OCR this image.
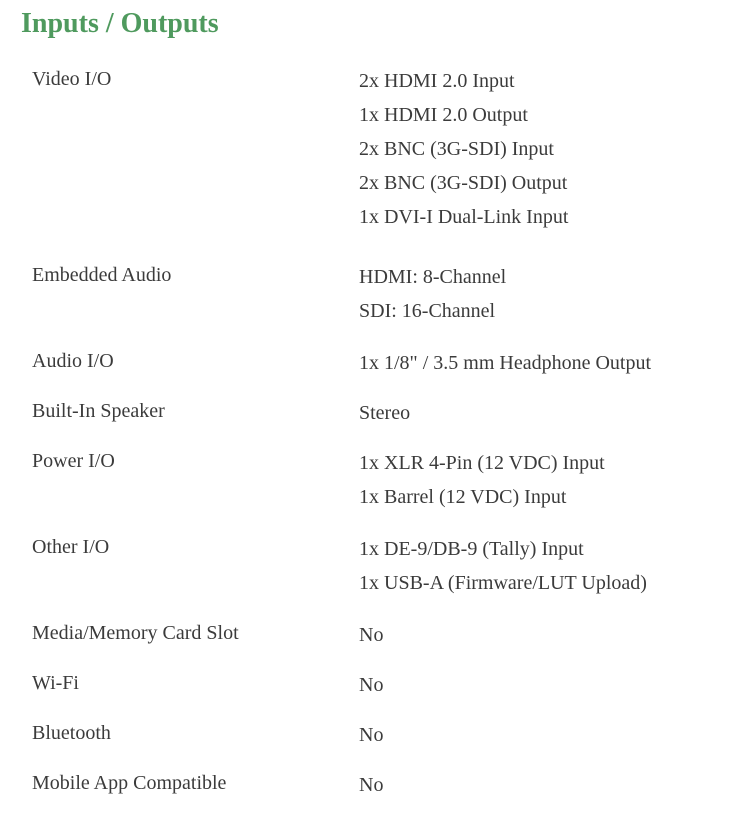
Inputs / Outputs
Video I/O	2x HDMI 2.0 Input
1x HDMI 2.0 Output
2x BNC (3G-SDI) Input
2x BNC (3G-SDI) Output
1x DVI-I Dual-Link Input
Embedded Audio	HDMI: 8-Channel
SDI: 16-Channel
Audio I/O	1x 1/8" / 3.5 mm Headphone Output
Built-In Speaker	Stereo
Power I/O	1x XLR 4-Pin (12 VDC) Input
1x Barrel (12 VDC) Input
Other I/O	1x DE-9/DB-9 (Tally) Input
1x USB-A (Firmware/LUT Upload)
Media/Memory Card Slot	No
Wi-Fi	No
Bluetooth	No
Mobile App Compatible	No
